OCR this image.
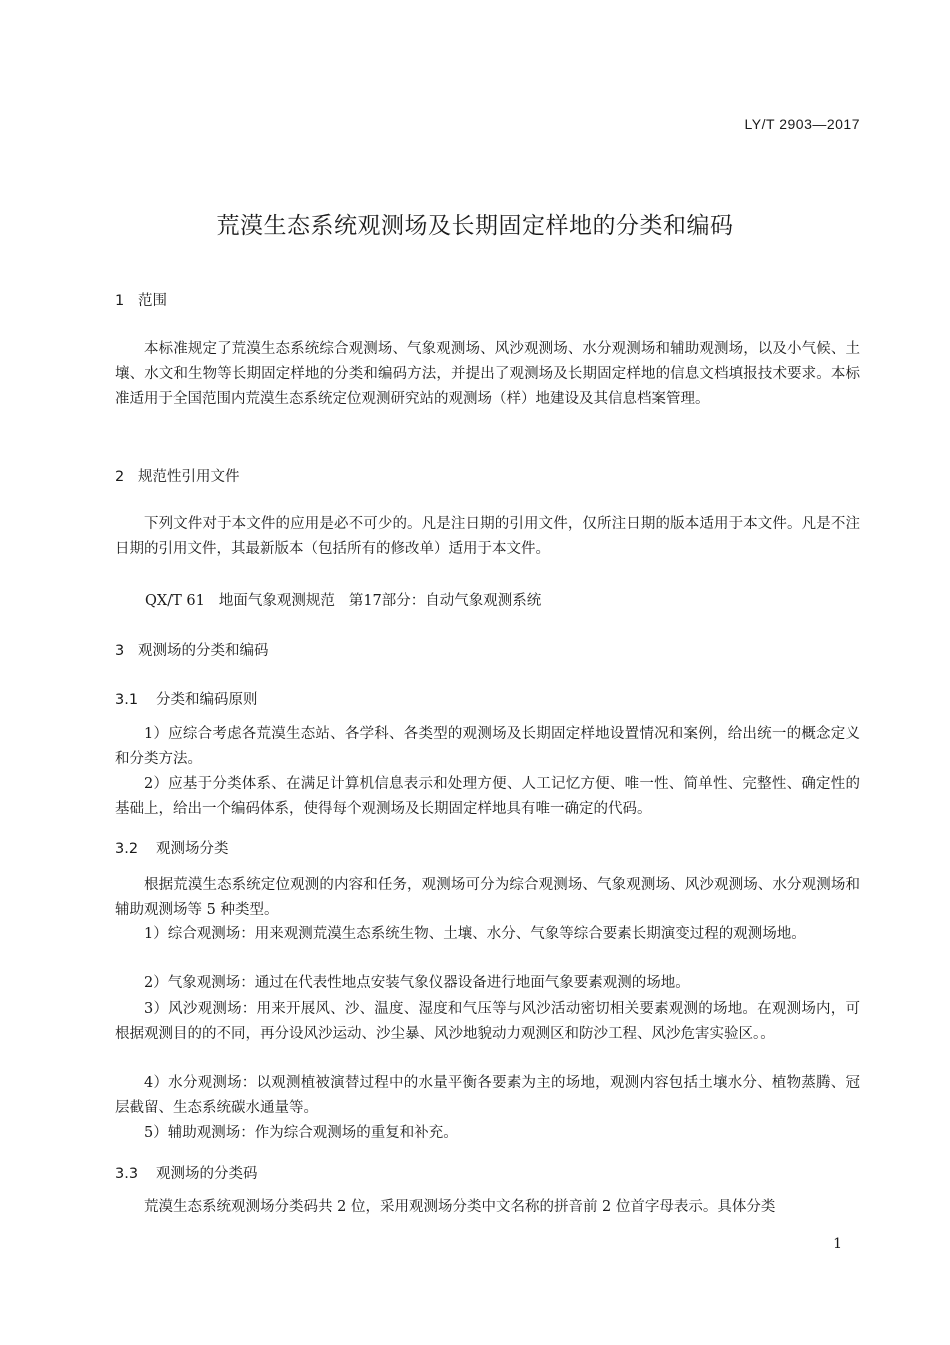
LY/T 2903—2017
荒漠生态系统观测场及长期固定样地的分类和编码
1 范围

本标准规定了荒漠生态系统综合观测场、气象观测场、风沙观测场、水分观测场和辅助观测场，以及小气候、土壤、水文和生物等长期固定样地的分类和编码方法，并提出了观测场及长期固定样地的信息文档填报技术要求。本标准适用于全国范围内荒漠生态系统定位观测研究站的观测场（样）地建设及其信息档案管理。

2 规范性引用文件

下列文件对于本文件的应用是必不可少的。凡是注日期的引用文件，仅所注日期的版本适用于本文件。凡是不注日期的引用文件，其最新版本（包括所有的修改单）适用于本文件。

QX/T 61 地面气象观测规范 第17部分：自动气象观测系统
3 观测场的分类和编码
3.1 分类和编码原则

1）应综合考虑各荒漠生态站、各学科、各类型的观测场及长期固定样地设置情况和案例，给出统一的概念定义和分类方法。

2）应基于分类体系、在满足计算机信息表示和处理方便、人工记忆方便、唯一性、简单性、完整性、确定性的基础上，给出一个编码体系，使得每个观测场及长期固定样地具有唯一确定的代码。

3.2 观测场分类

根据荒漠生态系统定位观测的内容和任务，观测场可分为综合观测场、气象观测场、风沙观测场、水分观测场和辅助观测场等 5 种类型。

1）综合观测场：用来观测荒漠生态系统生物、土壤、水分、气象等综合要素长期演变过程的观测场地。

2）气象观测场：通过在代表性地点安装气象仪器设备进行地面气象要素观测的场地。

3）风沙观测场：用来开展风、沙、温度、湿度和气压等与风沙活动密切相关要素观测的场地。在观测场内，可根据观测目的的不同，再分设风沙运动、沙尘暴、风沙地貌动力观测区和防沙工程、风沙危害实验区。。

4）水分观测场：以观测植被演替过程中的水量平衡各要素为主的场地，观测内容包括土壤水分、植物蒸腾、冠层截留、生态系统碳水通量等。

5）辅助观测场：作为综合观测场的重复和补充。

3.3 观测场的分类码

荒漠生态系统观测场分类码共 2 位，采用观测场分类中文名称的拼音前 2 位首字母表示。具体分类

1
